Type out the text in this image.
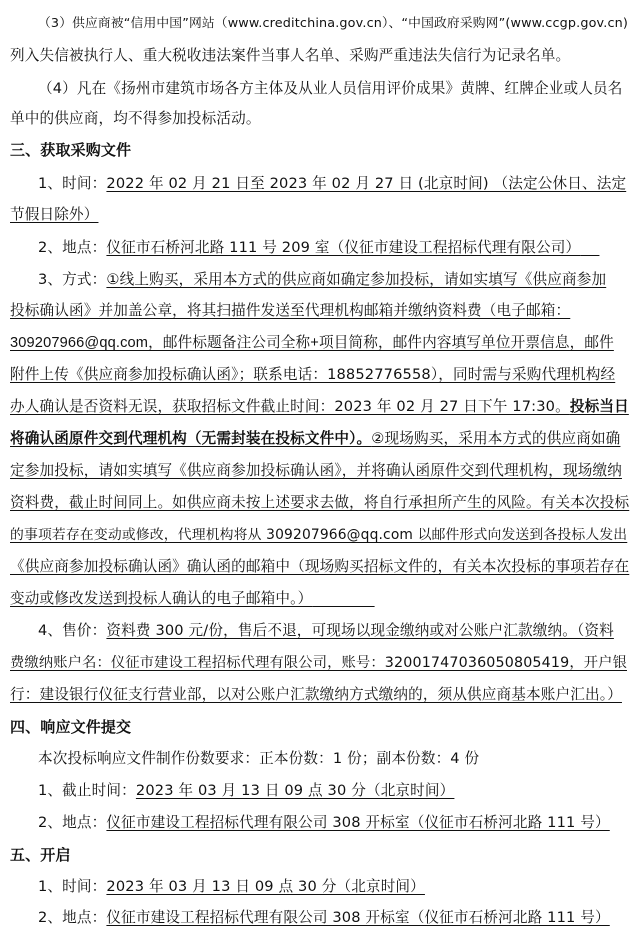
（3）供应商被“信用中国”网站（www.creditchina.gov.cn）、“中国政府采购网”(www.ccgp.gov.cn)
列入失信被执行人、重大税收违法案件当事人名单、采购严重违法失信行为记录名单。
（4）凡在《扬州市建筑市场各方主体及从业人员信用评价成果》黄牌、红牌企业或人员名
单中的供应商，均不得参加投标活动。
三、获取采购文件
1、时间：2022 年 02 月 21 日至 2023 年 02 月 27 日 (北京时间) （法定公休日、法定
节假日除外）
2、地点：仪征市石桥河北路 111 号 209 室（仪征市建设工程招标代理有限公司）
3、方式：①线上购买，采用本方式的供应商如确定参加投标，请如实填写《供应商参加
投标确认函》并加盖公章，将其扫描件发送至代理机构邮箱并缴纳资料费（电子邮箱：
309207966@qq.com，邮件标题备注公司全称+项目简称，邮件内容填写单位开票信息，邮件
附件上传《供应商参加投标确认函》；联系电话：18852776558），同时需与采购代理机构经
办人确认是否资料无误，获取招标文件截止时间：2023 年 02 月 27 日下午 17:30。投标当日
将确认函原件交到代理机构（无需封装在投标文件中）。②现场购买，采用本方式的供应商如确
定参加投标，请如实填写《供应商参加投标确认函》，并将确认函原件交到代理机构，现场缴纳
资料费，截止时间同上。如供应商未按上述要求去做，将自行承担所产生的风险。有关本次投标
的事项若存在变动或修改，代理机构将从 309207966@qq.com 以邮件形式向发送到各投标人发出
《供应商参加投标确认函》确认函的邮箱中（现场购买招标文件的，有关本次投标的事项若存在
变动或修改发送到投标人确认的电子邮箱中。）
4、售价：资料费 300 元/份，售后不退，可现场以现金缴纳或对公账户汇款缴纳。（资料
费缴纳账户名：仪征市建设工程招标代理有限公司，账号：32001747036050805419，开户银
行：建设银行仪征支行营业部，以对公账户汇款缴纳方式缴纳的，须从供应商基本账户汇出。）
四、响应文件提交
本次投标响应文件制作份数要求：正本份数：1 份；副本份数：4 份
1、截止时间：2023 年 03 月 13 日 09 点 30 分（北京时间）
2、地点：仪征市建设工程招标代理有限公司 308 开标室（仪征市石桥河北路 111 号）
五、开启
1、时间：2023 年 03 月 13 日 09 点 30 分（北京时间）
2、地点：仪征市建设工程招标代理有限公司 308 开标室（仪征市石桥河北路 111 号）
